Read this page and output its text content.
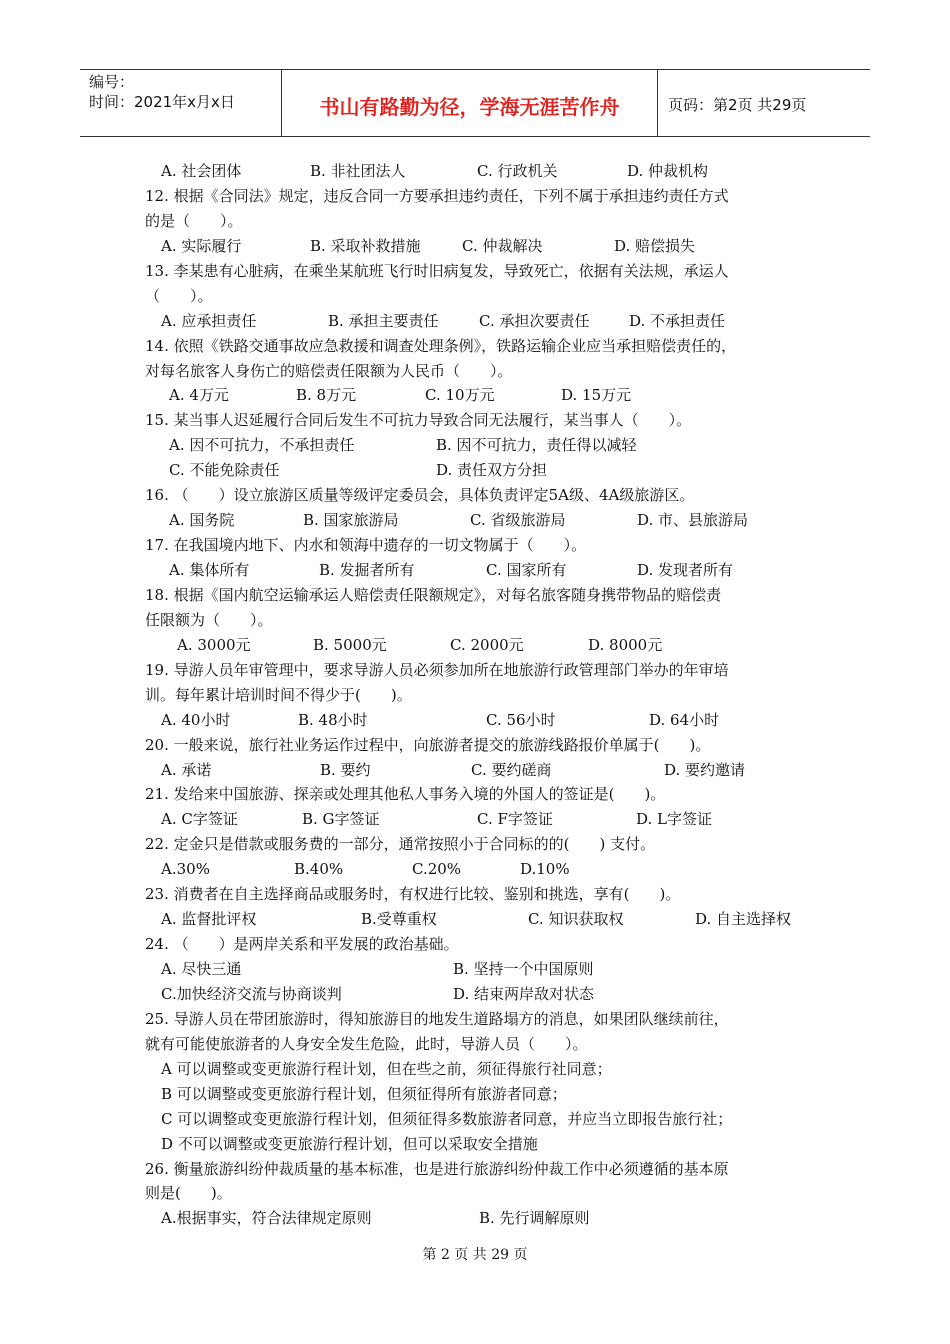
编号：
时间：2021年x月x日	书山有路勤为径，学海无涯苦作舟	页码：第2页 共29页
A. 社会团体	B. 非社团法人	C. 行政机关	D. 仲裁机构
12. 根据《合同法》规定，违反合同一方要承担违约责任，下列不属于承担违约责任方式
的是（　　）。
A. 实际履行	B. 采取补救措施	C. 仲裁解决	D. 赔偿损失
13. 李某患有心脏病，在乘坐某航班飞行时旧病复发，导致死亡，依据有关法规，承运人
（　　）。
A. 应承担责任	B. 承担主要责任	C. 承担次要责任	D. 不承担责任
14. 依照《铁路交通事故应急救援和调查处理条例》，铁路运输企业应当承担赔偿责任的，
对每名旅客人身伤亡的赔偿责任限额为人民币（　　）。
A. 4万元	B. 8万元	C. 10万元	D. 15万元
15. 某当事人迟延履行合同后发生不可抗力导致合同无法履行，某当事人（　　）。
A. 因不可抗力，不承担责任	B. 因不可抗力，责任得以减轻
C. 不能免除责任	D. 责任双方分担
16. （　　）设立旅游区质量等级评定委员会，具体负责评定5A级、4A级旅游区。
A. 国务院	B. 国家旅游局	C. 省级旅游局	D. 市、县旅游局
17. 在我国境内地下、内水和领海中遗存的一切文物属于（　　）。
A. 集体所有	B. 发掘者所有	C. 国家所有	D. 发现者所有
18. 根据《国内航空运输承运人赔偿责任限额规定》，对每名旅客随身携带物品的赔偿责
任限额为（　　）。
A. 3000元	B. 5000元	C. 2000元	D. 8000元
19. 导游人员年审管理中，要求导游人员必须参加所在地旅游行政管理部门举办的年审培
训。每年累计培训时间不得少于(　　)。
A. 40小时	B. 48小时	C. 56小时	D. 64小时
20. 一般来说，旅行社业务运作过程中，向旅游者提交的旅游线路报价单属于(　　)。
A. 承诺	B. 要约	C. 要约磋商	D. 要约邀请
21. 发给来中国旅游、探亲或处理其他私人事务入境的外国人的签证是(　　)。
A. C字签证	B. G字签证	C. F字签证	D. L字签证
22. 定金只是借款或服务费的一部分，通常按照小于合同标的的(　　) 支付。
A.30%	B.40%	C.20%	D.10%
23. 消费者在自主选择商品或服务时，有权进行比较、鉴别和挑选，享有(　　)。
A. 监督批评权	B.受尊重权	C. 知识获取权	D. 自主选择权
24. （　　）是两岸关系和平发展的政治基础。
A. 尽快三通	B. 坚持一个中国原则
C.加快经济交流与协商谈判	D. 结束两岸敌对状态
25. 导游人员在带团旅游时，得知旅游目的地发生道路塌方的消息，如果团队继续前往，
就有可能使旅游者的人身安全发生危险，此时，导游人员（　　）。
A 可以调整或变更旅游行程计划，但在些之前，须征得旅行社同意；
B 可以调整或变更旅游行程计划，但须征得所有旅游者同意；
C 可以调整或变更旅游行程计划，但须征得多数旅游者同意，并应当立即报告旅行社；
D 不可以调整或变更旅游行程计划，但可以采取安全措施
26. 衡量旅游纠纷仲裁质量的基本标准，也是进行旅游纠纷仲裁工作中必须遵循的基本原
则是(　　)。
A.根据事实，符合法律规定原则	B. 先行调解原则
第 2 页 共 29 页
